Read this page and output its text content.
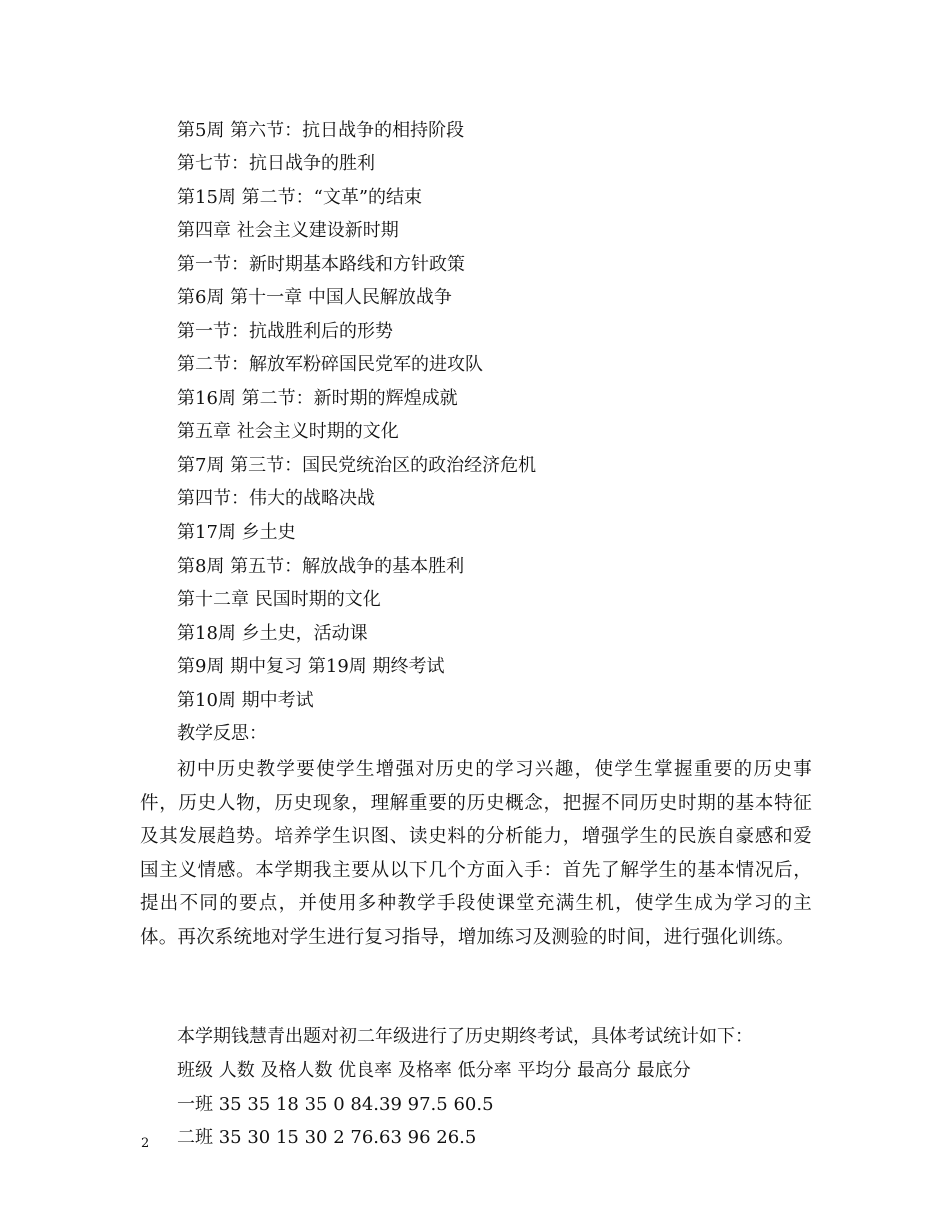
第5周 第六节：抗日战争的相持阶段
第七节：抗日战争的胜利
第15周 第二节：“文革”的结束
第四章 社会主义建设新时期
第一节：新时期基本路线和方针政策
第6周 第十一章 中国人民解放战争
第一节：抗战胜利后的形势
第二节：解放军粉碎国民党军的进攻队
第16周 第二节：新时期的辉煌成就
第五章 社会主义时期的文化
第7周 第三节：国民党统治区的政治经济危机
第四节：伟大的战略决战
第17周 乡土史
第8周 第五节：解放战争的基本胜利
第十二章 民国时期的文化
第18周 乡土史，活动课
第9周 期中复习 第19周 期终考试
第10周 期中考试
教学反思：
初中历史教学要使学生增强对历史的学习兴趣，使学生掌握重要的历史事件，历史人物，历史现象，理解重要的历史概念，把握不同历史时期的基本特征及其发展趋势。培养学生识图、读史料的分析能力，增强学生的民族自豪感和爱国主义情感。本学期我主要从以下几个方面入手：首先了解学生的基本情况后，提出不同的要点，并使用多种教学手段使课堂充满生机，使学生成为学习的主体。再次系统地对学生进行复习指导，增加练习及测验的时间，进行强化训练。
本学期钱慧青出题对初二年级进行了历史期终考试，具体考试统计如下：
班级 人数 及格人数 优良率 及格率 低分率 平均分 最高分 最底分
一班 35 35 18 35 0 84.39 97.5 60.5
二班 35 30 15 30 2 76.63 96 26.5
2
